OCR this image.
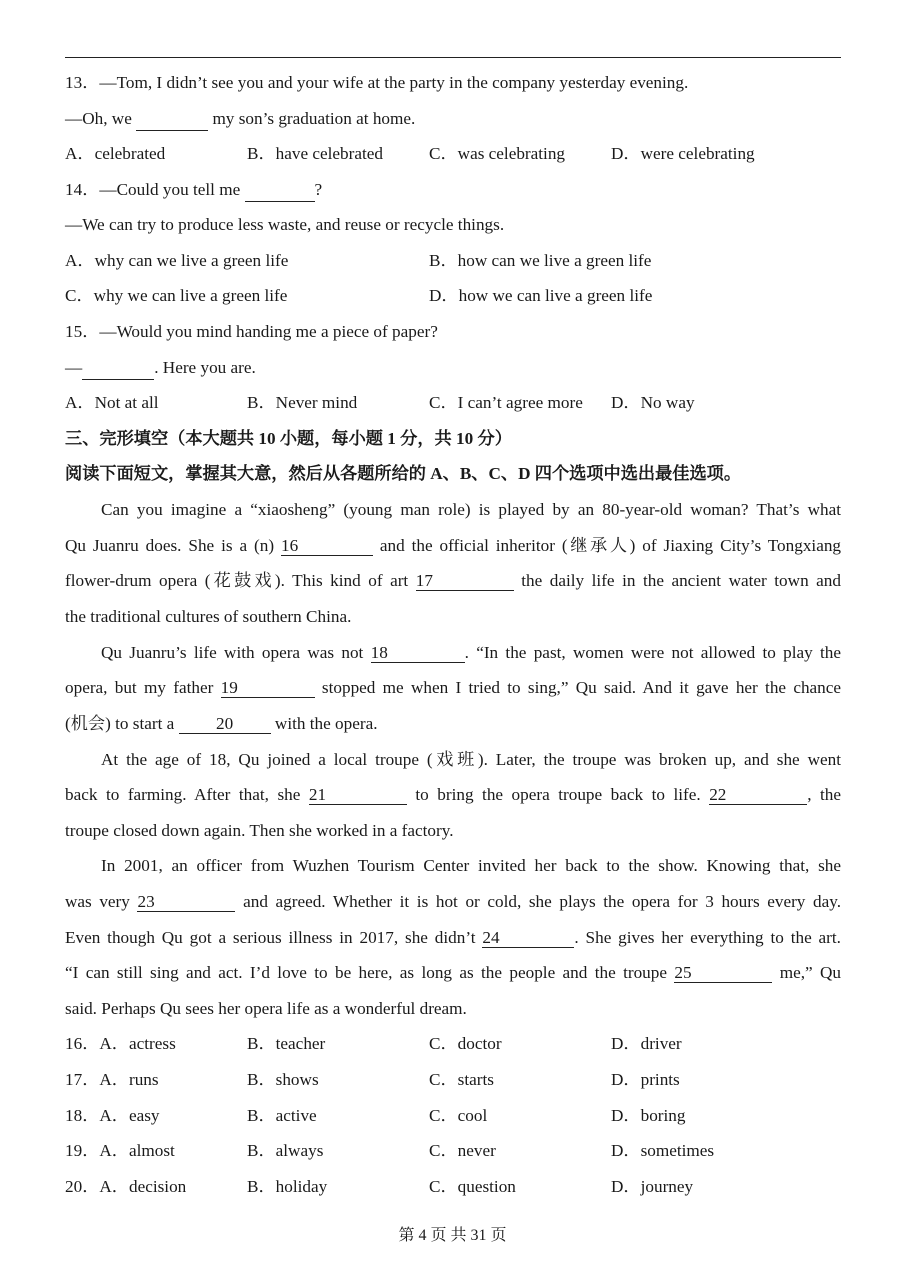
13．—Tom, I didn’t see you and your wife at the party in the company yesterday evening.
—Oh, we	my son’s graduation at home.
A．celebrated	B．have celebrated	C．was celebrating	D．were celebrating
14．—Could you tell me	?
—We can try to produce less waste, and reuse or recycle things.
A．why can we live a green life	B．how can we live a green life
C．why we can live a green life	D．how we can live a green life
15．—Would you mind handing me a piece of paper?
—	. Here you are.
A．Not at all	B．Never mind	C．I can’t agree more D．No way
三、完形填空（本大题共 10 小题，每小题 1 分，共 10 分）
阅读下面短文，掌握其大意，然后从各题所给的 A、B、C、D 四个选项中选出最佳选项。
Can you imagine a “xiaosheng” (young man role) is played by an 80-year-old woman? That’s what
Qu Juanru does. She is a (n) 16	and the official inheritor (继承人) of Jiaxing City’s Tongxiang
flower-drum opera (花鼓戏). This kind of art 17	the daily life in the ancient water town and
the traditional cultures of southern China.
Qu Juanru’s life with opera was not 18	. “In the past, women were not allowed to play the
opera, but my father 19	stopped me when I tried to sing,” Qu said. And it gave her the chance
(机会) to start a 20 with the opera.
At the age of 18, Qu joined a local troupe (戏班). Later, the troupe was broken up, and she went
back to farming. After that, she 21	to bring the opera troupe back to life. 22	, the
troupe closed down again. Then she worked in a factory.
In 2001, an officer from Wuzhen Tourism Center invited her back to the show. Knowing that, she
was very 23	and agreed. Whether it is hot or cold, she plays the opera for 3 hours every day.
Even though Qu got a serious illness in 2017, she didn’t 24	. She gives her everything to the art.
“I can still sing and act. I’d love to be here, as long as the people and the troupe 25	me,” Qu
said. Perhaps Qu sees her opera life as a wonderful dream.
16．A．actress	B．teacher	C．doctor	D．driver
17．A．runs	B．shows	C．starts	D．prints
18．A．easy	B．active	C．cool	D．boring
19．A．almost	B．always	C．never	D．sometimes
20．A．decision	B．holiday	C．question	D．journey
第 4 页 共 31 页
